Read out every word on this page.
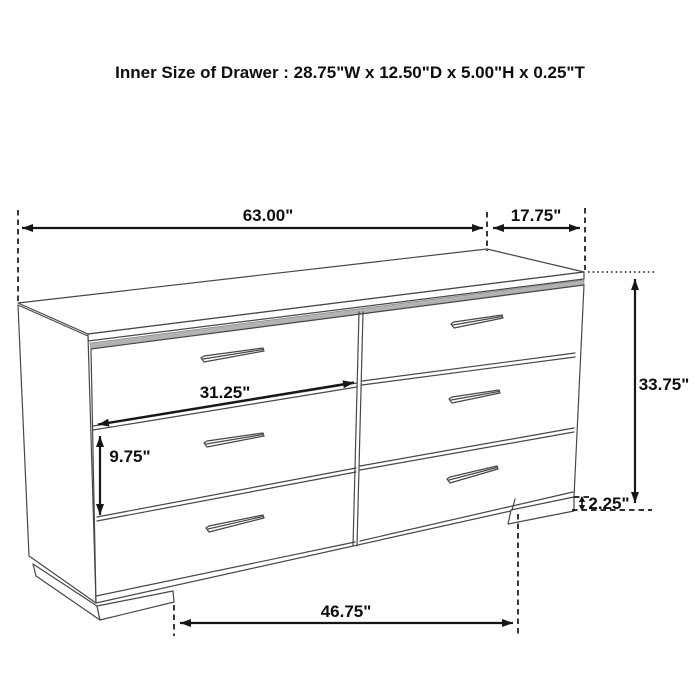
63.00"	17.75"
31.25"
9.75"
33.75"
2.25"
46.75"
Inner Size of Drawer : 28.75"W x 12.50"D x 5.00"H x 0.25"T
